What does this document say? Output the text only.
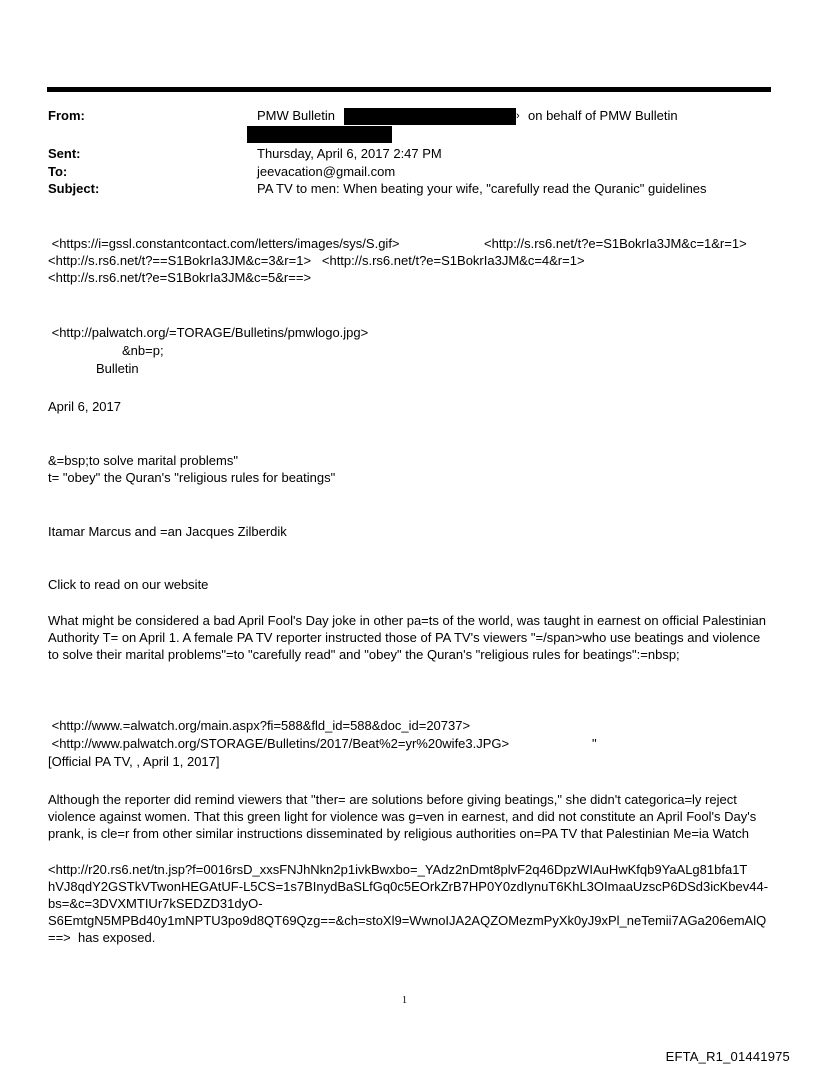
From:	PMW Bulletin	› on behalf of PMW Bulletin
Sent:	Thursday, April 6, 2017 2:47 PM
To:	jeevacation@gmail.com
Subject:	PA TV to men: When beating your wife, "carefully read the Quranic" guidelines
<https://i=gssl.constantcontact.com/letters/images/sys/S.gif>	<http://s.rs6.net/t?e=S1BokrIa3JM&c=1&r=1>
<http://s.rs6.net/t?==S1BokrIa3JM&c=3&r=1>   <http://s.rs6.net/t?e=S1BokrIa3JM&c=4&r=1>
<http://s.rs6.net/t?e=S1BokrIa3JM&c=5&r==>
<http://palwatch.org/=TORAGE/Bulletins/pmwlogo.jpg>
&nb=p;
Bulletin
April 6, 2017
&=bsp;to solve marital problems"
t= "obey" the Quran's "religious rules for beatings"
Itamar Marcus and =an Jacques Zilberdik
Click to read on our website
What might be considered a bad April Fool's Day joke in other pa=ts of the world, was taught in earnest on official Palestinian Authority T= on April 1. A female PA TV reporter instructed those of PA TV's viewers "=/span>who use beatings and violence to solve their marital problems"=to "carefully read" and "obey" the Quran's "religious rules for beatings":=nbsp;
<http://www.=alwatch.org/main.aspx?fi=588&fld_id=588&doc_id=20737>
<http://www.palwatch.org/STORAGE/Bulletins/2017/Beat%2=yr%20wife3.JPG>	"
[Official PA TV, , April 1, 2017]
Although the reporter did remind viewers that "ther= are solutions before giving beatings," she didn't categorica=ly reject violence against women. That this green light for violence was g=ven in earnest, and did not constitute an April Fool's Day's prank, is cle=r from other similar instructions disseminated by religious authorities on=PA TV that Palestinian Me=ia Watch
<http://r20.rs6.net/tn.jsp?f=0016rsD_xxsFNJhNkn2p1ivkBwxbo=_YAdz2nDmt8plvF2q46DpzWIAuHwKfqb9YaALg81bfa1T
hVJ8qdY2GSTkVTwonHEGAtUF-L5CS=1s7BInydBaSLfGq0c5EOrkZrB7HP0Y0zdIynuT6KhL3OImaaUzscP6DSd3icKbev44-
bs=&c=3DVXMTIUr7kSEDZD31dyO-
S6EmtgN5MPBd40y1mNPTU3po9d8QT69Qzg==&ch=stoXl9=WwnoIJA2AQZOMezmPyXk0yJ9xPl_neTemii7AGa206emAlQ
==>  has exposed.
1
EFTA_R1_01441975
